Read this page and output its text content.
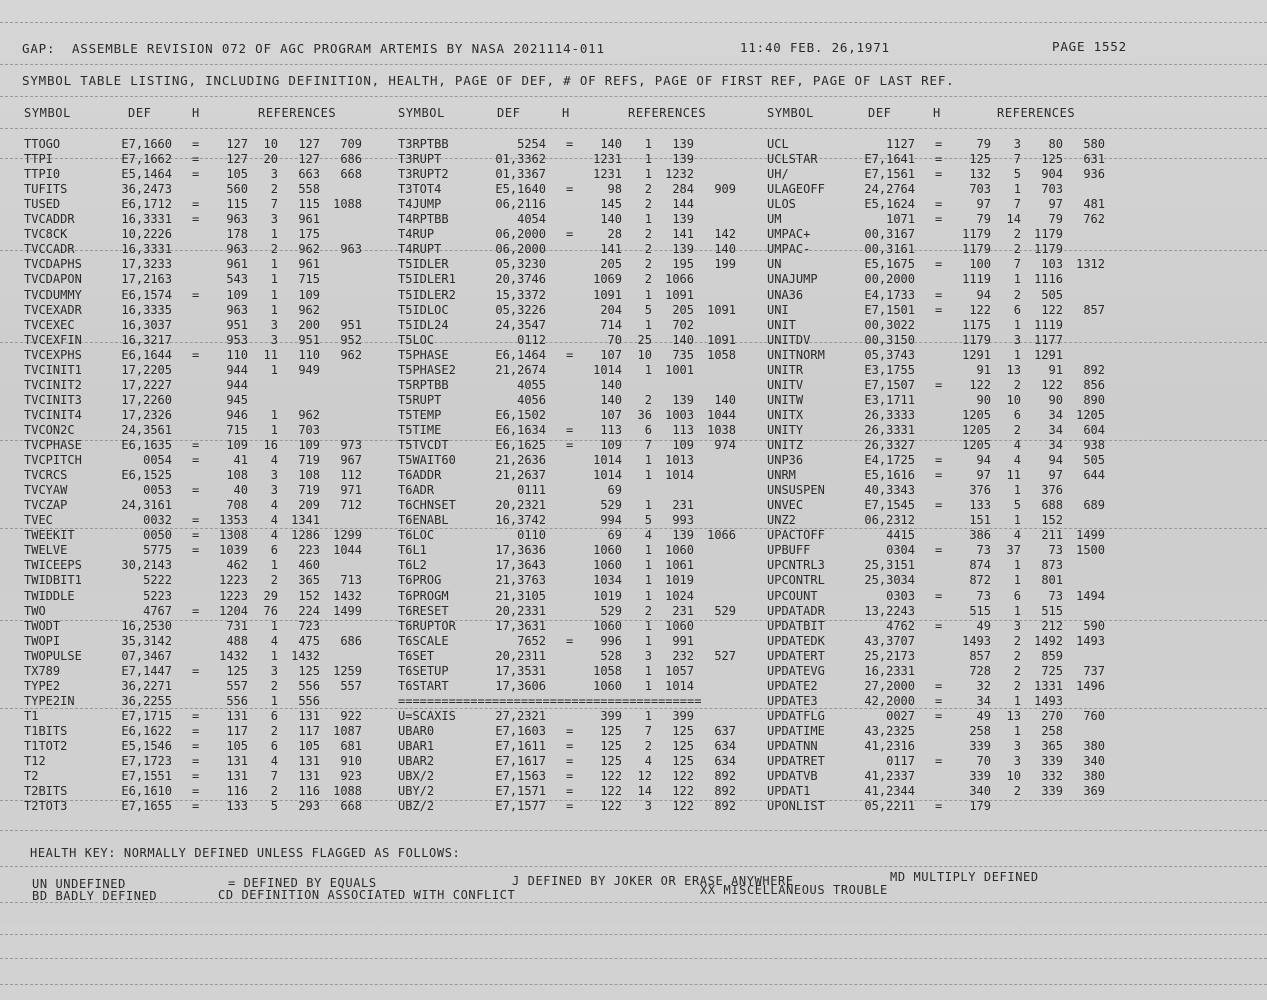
GAP:  ASSEMBLE REVISION 072 OF AGC PROGRAM ARTEMIS BY NASA 2021114-011	11:40 FEB. 26,1971	PAGE 1552
SYMBOL TABLE LISTING, INCLUDING DEFINITION, HEALTH, PAGE OF DEF, # OF REFS, PAGE OF FIRST REF, PAGE OF LAST REF.
SYMBOL	DEF	H	REFERENCES	SYMBOL	DEF	H	REFERENCES	SYMBOL	DEF	H	REFERENCES
TTOGO	E7,1660 =	127	10	127	709
TTPI	E7,1662 =	127	20	127	686
TTPI0	E5,1464 =	105	3	663	668
TUFITS	36,2473	560	2	558
TUSED	E6,1712 =	115	7	115	1088
TVCADDR	16,3331 =	963	3	961
TVC8CK	10,2226	178	1	175
TVCCADR	16,3331	963	2	962	963
TVCDAPHS	17,3233	961	1	961
TVCDAPON	17,2163	543	1	715
TVCDUMMY	E6,1574 =	109	1	109
TVCEXADR	16,3335	963	1	962
TVCEXEC	16,3037	951	3	200	951
TVCEXFIN	16,3217	953	3	951	952
TVCEXPHS	E6,1644 =	110	11	110	962
TVCINIT1	17,2205	944	1	949
TVCINIT2	17,2227	944
TVCINIT3	17,2260	945
TVCINIT4	17,2326	946	1	962
TVCON2C	24,3561	715	1	703
TVCPHASE	E6,1635 =	109	16	109	973
TVCPITCH	0054 =	41	4	719	967
TVCRCS	E6,1525	108	3	108	112
TVCYAW	0053 =	40	3	719	971
TVCZAP	24,3161	708	4	209	712
TVEC	0032 =	1353	4	1341
TWEEKIT	0050 =	1308	4	1286	1299
TWELVE	5775 =	1039	6	223	1044
TWICEEPS	30,2143	462	1	460
TWIDBIT1	5222	1223	2	365	713
TWIDDLE	5223	1223	29	152	1432
TWO	4767 =	1204	76	224	1499
TWODT	16,2530	731	1	723
TWOPI	35,3142	488	4	475	686
TWOPULSE	07,3467	1432	1	1432
TX789	E7,1447 =	125	3	125	1259
TYPE2	36,2271	557	2	556	557
TYPE2IN	36,2255	556	1	556
T1	E7,1715 =	131	6	131	922
T1BITS	E6,1622 =	117	2	117	1087
T1TOT2	E5,1546 =	105	6	105	681
T12	E7,1723 =	131	4	131	910
T2	E7,1551 =	131	7	131	923
T2BITS	E6,1610 =	116	2	116	1088
T2TOT3	E7,1655 =	133	5	293	668
T3RPTBB	5254 =	140	1	139
T3RUPT	01,3362	1231	1	139
T3RUPT2	01,3367	1231	1	1232
T3TOT4	E5,1640 =	98	2	284	909
T4JUMP	06,2116	145	2	144
T4RPTBB	4054	140	1	139
T4RUP	06,2000 =	28	2	141	142
T4RUPT	06,2000	141	2	139	140
T5IDLER	05,3230	205	2	195	199
T5IDLER1	20,3746	1069	2	1066
T5IDLER2	15,3372	1091	1	1091
T5IDLOC	05,3226	204	5	205	1091
T5IDL24	24,3547	714	1	702
T5LOC	0112	70	25	140	1091
T5PHASE	E6,1464 =	107	10	735	1058
T5PHASE2	21,2674	1014	1	1001
T5RPTBB	4055	140
T5RUPT	4056	140	2	139	140
T5TEMP	E6,1502	107	36	1003	1044
T5TIME	E6,1634 =	113	6	113	1038
T5TVCDT	E6,1625 =	109	7	109	974
T5WAIT60	21,2636	1014	1	1013
T6ADDR	21,2637	1014	1	1014
T6ADR	0111	69
T6CHNSET	20,2321	529	1	231
T6ENABL	16,3742	994	5	993
T6LOC	0110	69	4	139	1066
T6L1	17,3636	1060	1	1060
T6L2	17,3643	1060	1	1061
T6PROG	21,3763	1034	1	1019
T6PROGM	21,3105	1019	1	1024
T6RESET	20,2331	529	2	231	529
T6RUPTOR	17,3631	1060	1	1060
T6SCALE	7652 =	996	1	991
T6SET	20,2311	528	3	232	527
T6SETUP	17,3531	1058	1	1057
T6START	17,3606	1060	1	1014
==========================================
U=SCAXIS	27,2321	399	1	399
UBAR0	E7,1603 =	125	7	125	637
UBAR1	E7,1611 =	125	2	125	634
UBAR2	E7,1617 =	125	4	125	634
UBX/2	E7,1563 =	122	12	122	892
UBY/2	E7,1571 =	122	14	122	892
UBZ/2	E7,1577 =	122	3	122	892
UCL	1127 =	79	3	80	580
UCLSTAR	E7,1641 =	125	7	125	631
UH/	E7,1561 =	132	5	904	936
ULAGEOFF	24,2764	703	1	703
ULOS	E5,1624 =	97	7	97	481
UM	1071 =	79	14	79	762
UMPAC+	00,3167	1179	2	1179
UMPAC-	00,3161	1179	2	1179
UN	E5,1675 =	100	7	103	1312
UNAJUMP	00,2000	1119	1	1116
UNA36	E4,1733 =	94	2	505
UNI	E7,1501 =	122	6	122	857
UNIT	00,3022	1175	1	1119
UNITDV	00,3150	1179	3	1177
UNITNORM	05,3743	1291	1	1291
UNITR	E3,1755	91	13	91	892
UNITV	E7,1507 =	122	2	122	856
UNITW	E3,1711	90	10	90	890
UNITX	26,3333	1205	6	34	1205
UNITY	26,3331	1205	2	34	604
UNITZ	26,3327	1205	4	34	938
UNP36	E4,1725 =	94	4	94	505
UNRM	E5,1616 =	97	11	97	644
UNSUSPEN	40,3343	376	1	376
UNVEC	E7,1545 =	133	5	688	689
UNZ2	06,2312	151	1	152
UPACTOFF	4415	386	4	211	1499
UPBUFF	0304 =	73	37	73	1500
UPCNTRL3	25,3151	874	1	873
UPCONTRL	25,3034	872	1	801
UPCOUNT	0303 =	73	6	73	1494
UPDATADR	13,2243	515	1	515
UPDATBIT	4762 =	49	3	212	590
UPDATEDK	43,3707	1493	2	1492	1493
UPDATERT	25,2173	857	2	859
UPDATEVG	16,2331	728	2	725	737
UPDATE2	27,2000 =	32	2	1331	1496
UPDATE3	42,2000 =	34	1	1493
UPDATFLG	0027 =	49	13	270	760
UPDATIME	43,2325	258	1	258
UPDATNN	41,2316	339	3	365	380
UPDATRET	0117 =	70	3	339	340
UPDATVB	41,2337	339	10	332	380
UPDAT1	41,2344	340	2	339	369
UPONLIST	05,2211 =	179
HEALTH KEY: NORMALLY DEFINED UNLESS FLAGGED AS FOLLOWS:
UN UNDEFINED
BD BADLY DEFINED
= DEFINED BY EQUALS
CD DEFINITION ASSOCIATED WITH CONFLICT
J DEFINED BY JOKER OR ERASE ANYWHERE
XX MISCELLANEOUS TROUBLE
MD MULTIPLY DEFINED
